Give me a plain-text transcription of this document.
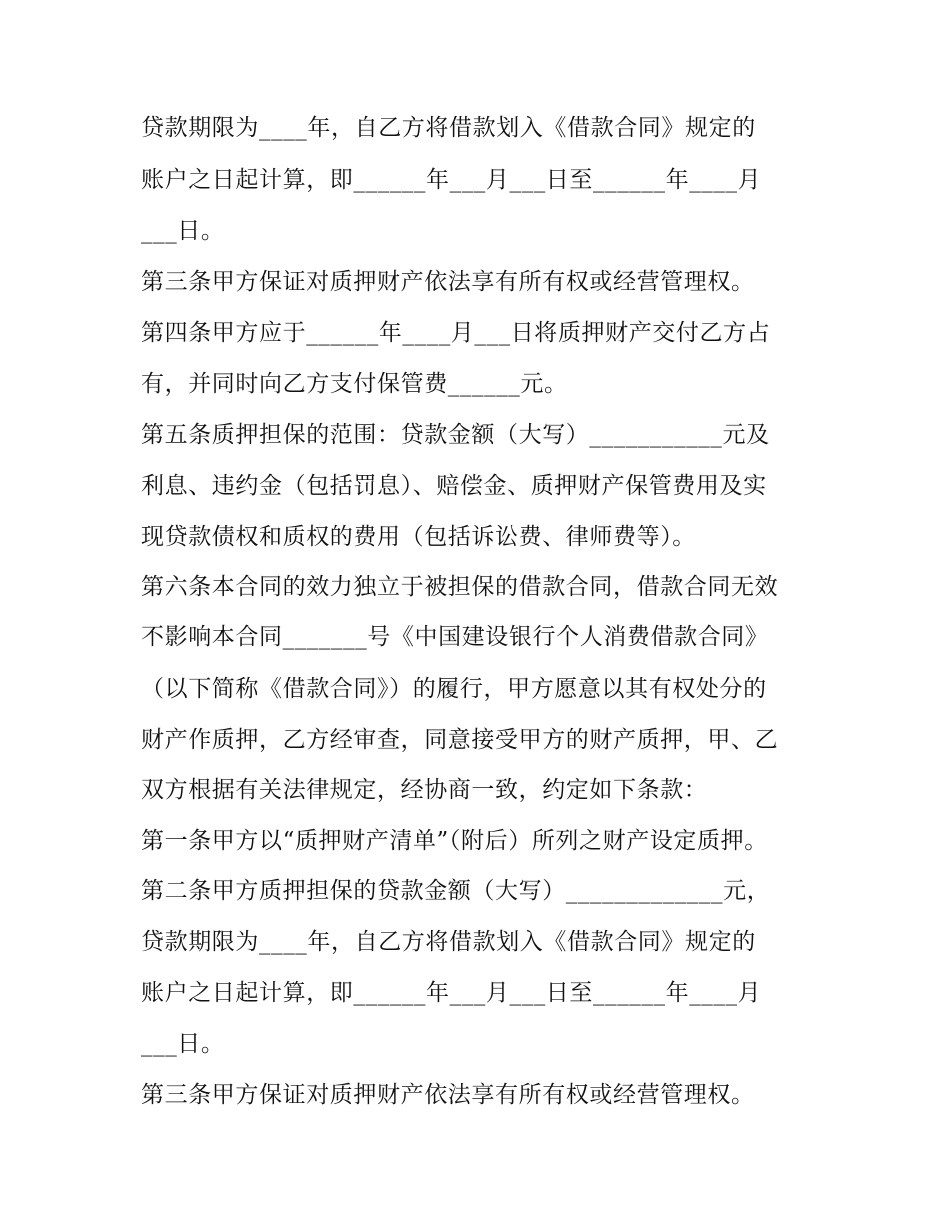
贷款期限为____年，自乙方将借款划入《借款合同》规定的
账户之日起计算，即______年___月___日至______年____月
___日。
第三条甲方保证对质押财产依法享有所有权或经营管理权。
第四条甲方应于______年____月___日将质押财产交付乙方占
有，并同时向乙方支付保管费______元。
第五条质押担保的范围：贷款金额（大写）___________元及
利息、违约金（包括罚息）、赔偿金、质押财产保管费用及实
现贷款债权和质权的费用（包括诉讼费、律师费等）。
第六条本合同的效力独立于被担保的借款合同，借款合同无效
不影响本合同_______号《中国建设银行个人消费借款合同》
（以下简称《借款合同》）的履行，甲方愿意以其有权处分的
财产作质押，乙方经审查，同意接受甲方的财产质押，甲、乙
双方根据有关法律规定，经协商一致，约定如下条款：
第一条甲方以“质押财产清单”（附后）所列之财产设定质押。
第二条甲方质押担保的贷款金额（大写）_____________元，
贷款期限为____年，自乙方将借款划入《借款合同》规定的
账户之日起计算，即______年___月___日至______年____月
___日。
第三条甲方保证对质押财产依法享有所有权或经营管理权。
